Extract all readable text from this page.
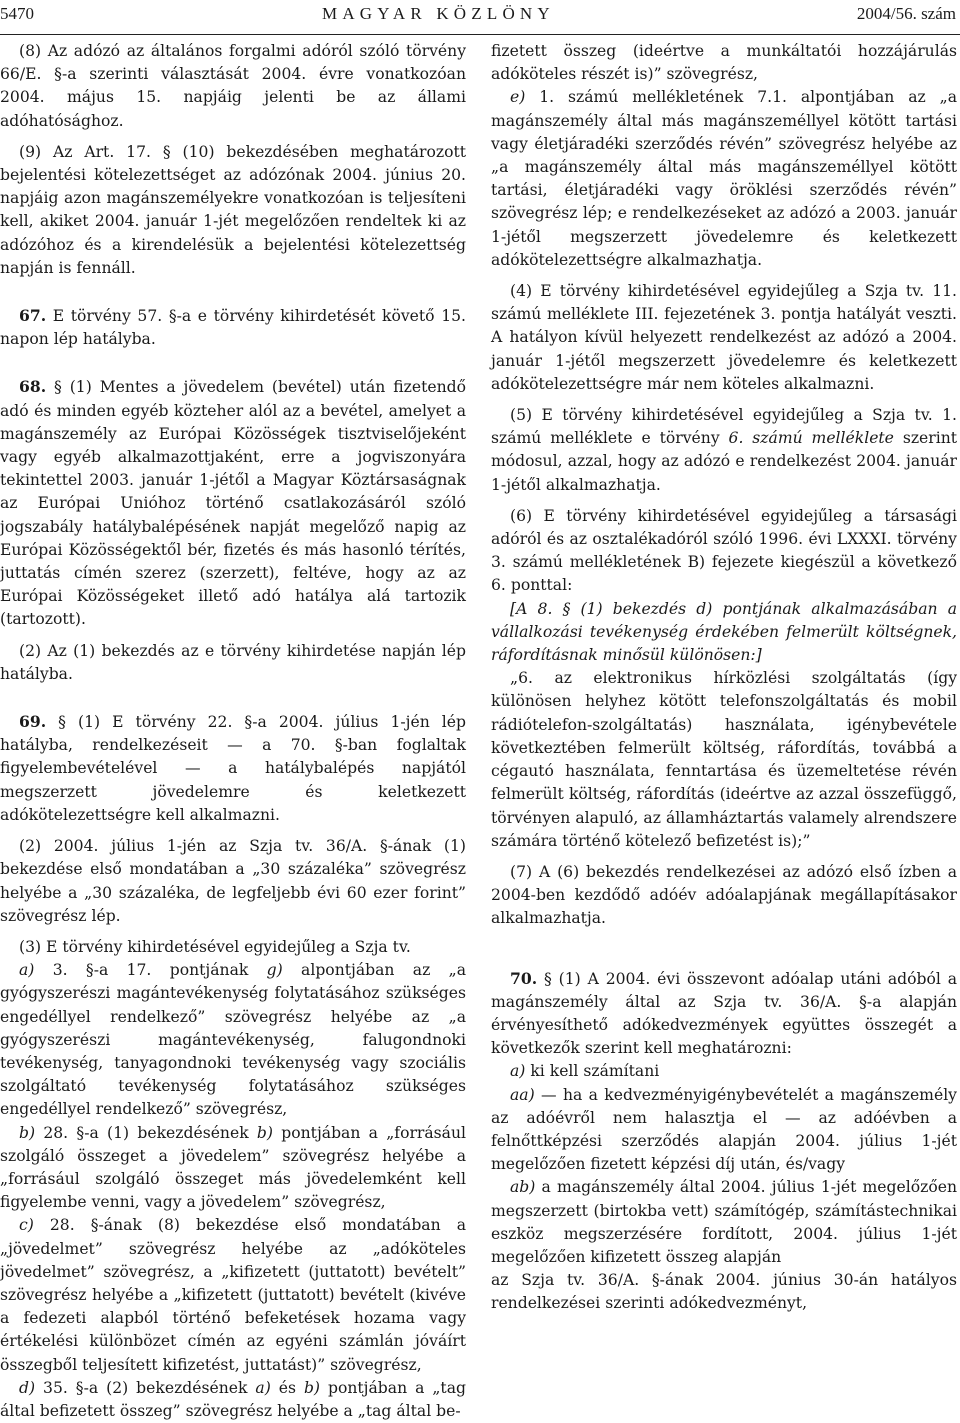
5470	MAGYAR KÖZLÖNY	2004/56. szám

(8) Az adózó az általános forgalmi adóról szóló törvény 66/E. §-a szerinti választását 2004. évre vonatkozóan 2004. május 15. napjáig jelenti be az állami adóhatósághoz.

(9) Az Art. 17. § (10) bekezdésében meghatározott bejelentési kötelezettséget az adózónak 2004. június 20. napjáig azon magánszemélyekre vonatkozóan is teljesíteni kell, akiket 2004. január 1-jét megelőzően rendeltek ki az adózóhoz és a kirendelésük a bejelentési kötelezettség napján is fennáll.

67. E törvény 57. §-a e törvény kihirdetését követő 15. napon lép hatályba.

68. § (1) Mentes a jövedelem (bevétel) után fizetendő adó és minden egyéb közteher alól az a bevétel, amelyet a magánszemély az Európai Közösségek tisztviselőjeként vagy egyéb alkalmazottjaként, erre a jogviszonyára tekintettel 2003. január 1-jétől a Magyar Köztársaságnak az Európai Unióhoz történő csatlakozásáról szóló jogszabály hatálybalépésének napját megelőző napig az Európai Közösségektől bér, fizetés és más hasonló térítés, juttatás címén szerez (szerzett), feltéve, hogy az az Európai Közösségeket illető adó hatálya alá tartozik (tartozott).

(2) Az (1) bekezdés az e törvény kihirdetése napján lép hatályba.

69. § (1) E törvény 22. §-a 2004. július 1-jén lép hatályba, rendelkezéseit — a 70. §-ban foglaltak figyelembevételével — a hatálybalépés napjától megszerzett jövedelemre és keletkezett adókötelezettségre kell alkalmazni.

(2) 2004. július 1-jén az Szja tv. 36/A. §-ának (1) bekezdése első mondatában a „30 százaléka” szövegrész helyébe a „30 százaléka, de legfeljebb évi 60 ezer forint” szövegrész lép.

(3) E törvény kihirdetésével egyidejűleg a Szja tv.

a) 3. §-a 17. pontjának g) alpontjában az „a gyógyszerészi magántevékenység folytatásához szükséges engedéllyel rendelkező” szövegrész helyébe az „a gyógyszerészi magántevékenység, falugondnoki tevékenység, tanyagondnoki tevékenység vagy szociális szolgáltató tevékenység folytatásához szükséges engedéllyel rendelkező” szövegrész,

b) 28. §-a (1) bekezdésének b) pontjában a „forrásául szolgáló összeget a jövedelem” szövegrész helyébe a „forrásául szolgáló összeget más jövedelemként kell figyelembe venni, vagy a jövedelem” szövegrész,

c) 28. §-ának (8) bekezdése első mondatában a „jövedelmet” szövegrész helyébe az „adóköteles jövedelmet” szövegrész, a „kifizetett (juttatott) bevételt” szövegrész helyébe a „kifizetett (juttatott) bevételt (kivéve a fedezeti alapból történő befeketések hozama vagy értékelési különbözet címén az egyéni számlán jóváírt összegből teljesített kifizetést, juttatást)” szövegrész,

d) 35. §-a (2) bekezdésének a) és b) pontjában a „tag által befizetett összeg” szövegrész helyébe a „tag által be-

fizetett összeg (ideértve a munkáltatói hozzájárulás adóköteles részét is)” szövegrész,

e) 1. számú mellékletének 7.1. alpontjában az „a magánszemély által más magánszeméllyel kötött tartási vagy életjáradéki szerződés révén” szövegrész helyébe az „a magánszemély által más magánszeméllyel kötött tartási, életjáradéki vagy öröklési szerződés révén” szövegrész lép; e rendelkezéseket az adózó a 2003. január 1-jétől megszerzett jövedelemre és keletkezett adókötelezettségre alkalmazhatja.

(4) E törvény kihirdetésével egyidejűleg a Szja tv. 11. számú melléklete III. fejezetének 3. pontja hatályát veszti. A hatályon kívül helyezett rendelkezést az adózó a 2004. január 1-jétől megszerzett jövedelemre és keletkezett adókötelezettségre már nem köteles alkalmazni.

(5) E törvény kihirdetésével egyidejűleg a Szja tv. 1. számú melléklete e törvény 6. számú melléklete szerint módosul, azzal, hogy az adózó e rendelkezést 2004. január 1-jétől alkalmazhatja.

(6) E törvény kihirdetésével egyidejűleg a társasági adóról és az osztalékadóról szóló 1996. évi LXXXI. törvény 3. számú mellékletének B) fejezete kiegészül a következő 6. ponttal:

[A 8. § (1) bekezdés d) pontjának alkalmazásában a vállalkozási tevékenység érdekében felmerült költségnek, ráfordításnak minősül különösen:]

„6. az elektronikus hírközlési szolgáltatás (így különösen helyhez kötött telefonszolgáltatás és mobil rádiótelefon-szolgáltatás) használata, igénybevétele következtében felmerült költség, ráfordítás, továbbá a cégautó használata, fenntartása és üzemeltetése révén felmerült költség, ráfordítás (ideértve az azzal összefüggő, törvényen alapuló, az államháztartás valamely alrendszere számára történő kötelező befizetést is);”

(7) A (6) bekezdés rendelkezései az adózó első ízben a 2004-ben kezdődő adóév adóalapjának megállapításakor alkalmazhatja.

70. § (1) A 2004. évi összevont adóalap utáni adóból a magánszemély által az Szja tv. 36/A. §-a alapján érvényesíthető adókedvezmények együttes összegét a következők szerint kell meghatározni:

a) ki kell számítani

aa) — ha a kedvezményigénybevételét a magánszemély az adóévről nem halasztja el — az adóévben a felnőttképzési szerződés alapján 2004. július 1-jét megelőzően fizetett képzési díj után, és/vagy

ab) a magánszemély által 2004. július 1-jét megelőzően megszerzett (birtokba vett) számítógép, számítástechnikai eszköz megszerzésére fordított, 2004. július 1-jét megelőzően kifizetett összeg alapján

az Szja tv. 36/A. §-ának 2004. június 30-án hatályos rendelkezései szerinti adókedvezményt,
